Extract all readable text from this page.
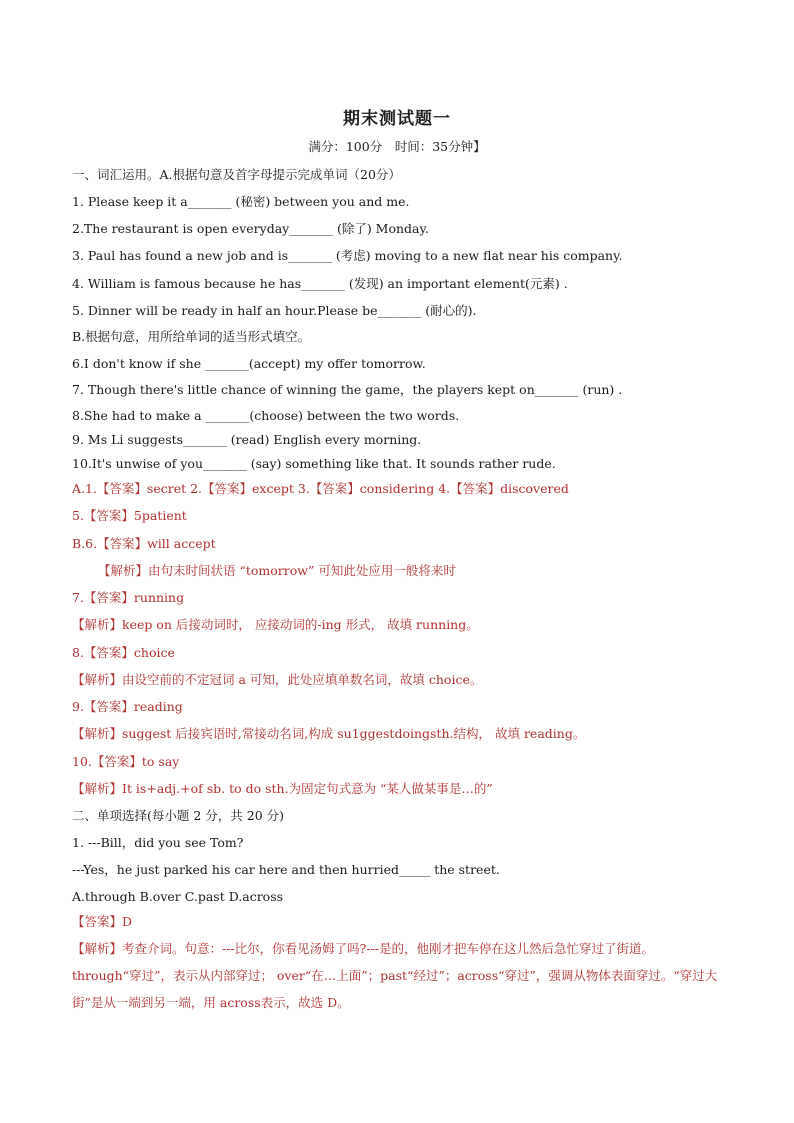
期末测试题一
满分：100分　时间：35分钟】
一、词汇运用。A.根据句意及首字母提示完成单词（20分）
1. Please keep it a_______ (秘密) between you and me.
2.The restaurant is open everyday_______ (除了) Monday.
3. Paul has found a new job and is_______ (考虑) moving to a new flat near his company.
4. William is famous because he has_______ (发现) an important element(元素) .
5. Dinner will be ready in half an hour.Please be_______ (耐心的).
B.根据句意，用所给单词的适当形式填空。
6.I don't know if she _______(accept) my offer tomorrow.
7. Though there's little chance of winning the game，the players kept on_______ (run) .
8.She had to make a _______(choose) between the two words.
9. Ms Li suggests_______ (read) English every morning.
10.It's unwise of you_______ (say) something like that. It sounds rather rude.
A.1.【答案】secret 2.【答案】except 3.【答案】considering 4.【答案】discovered
5.【答案】5patient
B.6.【答案】will accept
【解析】由句末时间状语 “tomorrow” 可知此处应用一般将来时
7.【答案】running
【解析】keep on 后接动词时， 应接动词的-ing 形式， 故填 running。
8.【答案】choice
【解析】由设空前的不定冠词 a 可知，此处应填单数名词，故填 choice。
9.【答案】reading
【解析】suggest 后接宾语时,常接动名词,构成 su1ggestdoingsth.结构， 故填 reading。
10.【答案】to say
【解析】It is+adj.+of sb. to do sth.为固定句式意为 “某人做某事是…的”
二、单项选择(每小题 2 分，共 20 分)
1. ---Bill，did you see Tom?
---Yes，he just parked his car here and then hurried_____ the street.
A.through B.over C.past D.across
【答案】D
【解析】考查介词。句意：---比尔，你看见汤姆了吗?---是的，他刚才把车停在这儿然后急忙穿过了街道。
through“穿过”，表示从内部穿过； over“在…上面”；past“经过”；across“穿过”，强调从物体表面穿过。“穿过大街”是从一端到另一端，用 across表示，故选 D。
